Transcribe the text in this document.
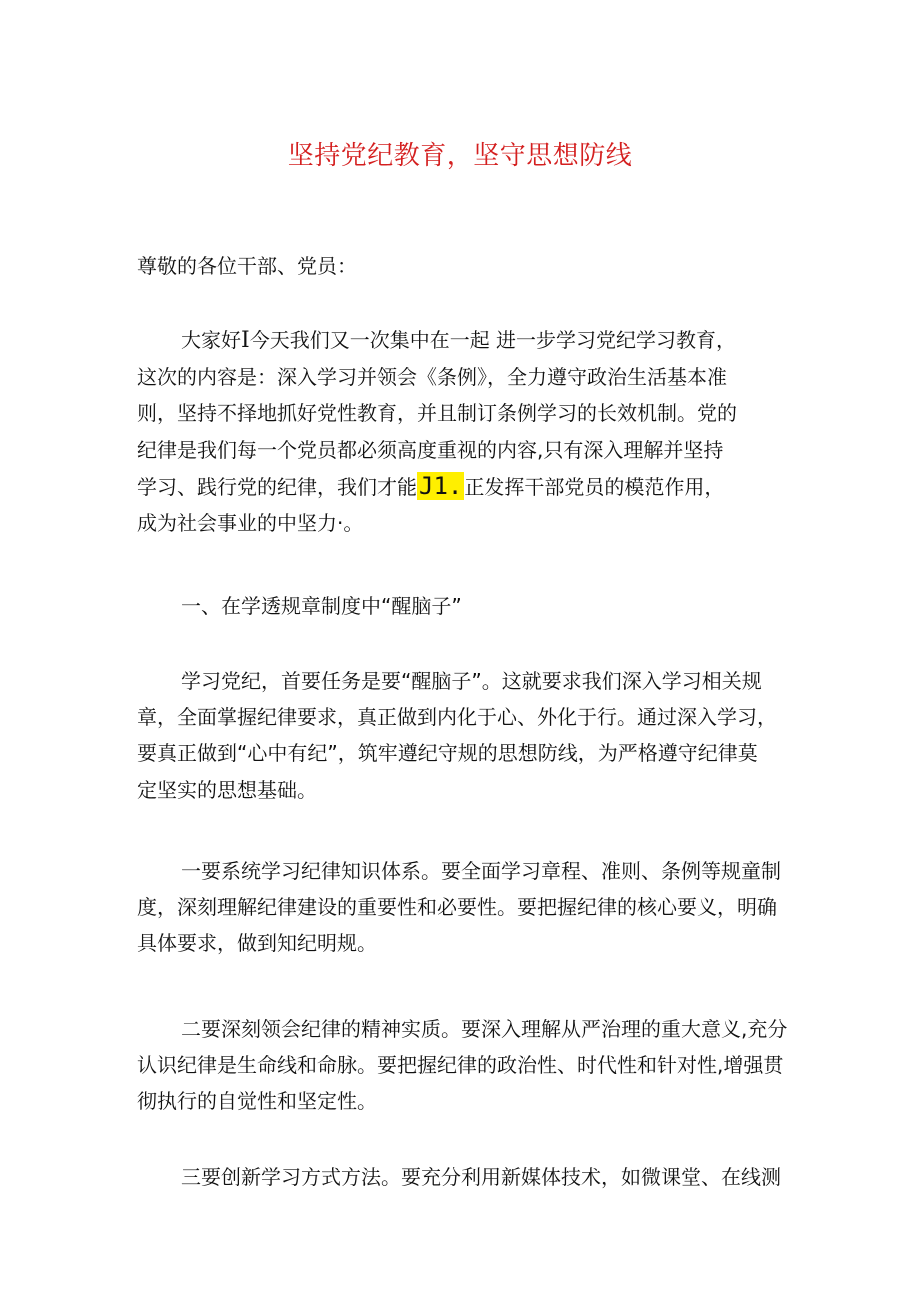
坚持党纪教育，坚守思想防线

尊敬的各位干部、党员：

大家好I今天我们又一次集中在一起 进一步学习党纪学习教育，
这次的内容是：深入学习并领会《条例》，全力遵守政治生活基本准
则，坚持不择地抓好党性教育，并且制订条例学习的长效机制。党的
纪律是我们每一个党员都必须高度重视的内容,只有深入理解并坚持
学习、践行党的纪律，我们才能J1. 正发挥干部党员的模范作用，
成为社会事业的中坚力·。
一、在学透规章制度中“醒脑子”
学习党纪，首要任务是要“醒脑子”。这就要求我们深入学习相关规
章，全面掌握纪律要求，真正做到内化于心、外化于行。通过深入学习，
要真正做到“心中有纪”，筑牢遵纪守规的思想防线，为严格遵守纪律莫
定坚实的思想基础。
一要系统学习纪律知识体系。要全面学习章程、准则、条例等规童制
度，深刻理解纪律建设的重要性和必要性。要把握纪律的核心要义，明确
具体要求，做到知纪明规。
二要深刻领会纪律的精神实质。要深入理解从严治理的重大意义,充分
认识纪律是生命线和命脉。要把握纪律的政治性、时代性和针对性,增强贯
彻执行的自觉性和坚定性。
三要创新学习方式方法。要充分利用新媒体技术，如微课堂、在线测
